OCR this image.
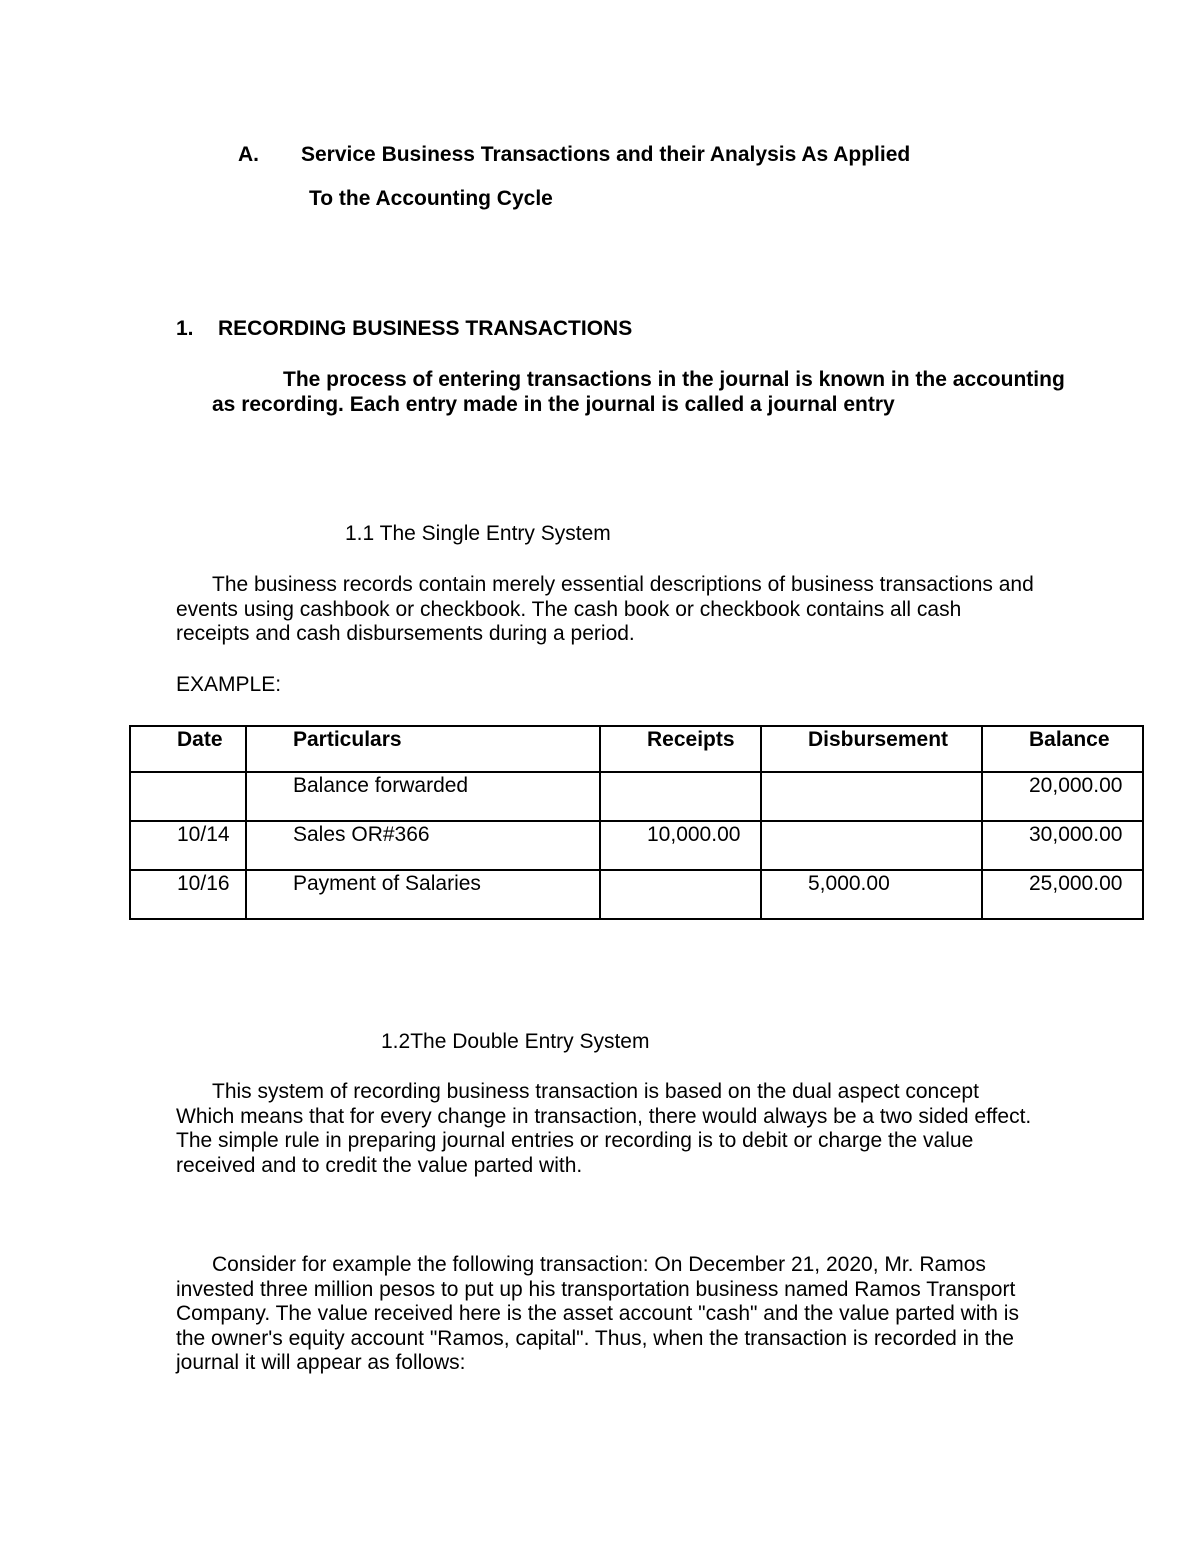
A. Service Business Transactions and their Analysis As Applied
To the Accounting Cycle
1. RECORDING BUSINESS TRANSACTIONS
The process of entering transactions in the journal is known in the accounting as recording. Each entry made in the journal is called a journal entry
1.1 The Single Entry System
The business records contain merely essential descriptions of business transactions and events using cashbook or checkbook. The cash book or checkbook contains all cash receipts and cash disbursements during a period.
EXAMPLE:
Date	Particulars	Receipts	Disbursement	Balance
	Balance forwarded			20,000.00
10/14	Sales OR#366	10,000.00		30,000.00
10/16	Payment of Salaries		5,000.00	25,000.00
1.2The Double Entry System
This system of recording business transaction is based on the dual aspect concept
Which means that for every change in transaction, there would always be a two sided effect.
The simple rule in preparing journal entries or recording is to debit or charge the value received and to credit the value parted with.
Consider for example the following transaction: On December 21, 2020, Mr. Ramos invested three million pesos to put up his transportation business named Ramos Transport Company. The value received here is the asset account "cash" and the value parted with is the owner's equity account "Ramos, capital". Thus, when the transaction is recorded in the journal it will appear as follows:
